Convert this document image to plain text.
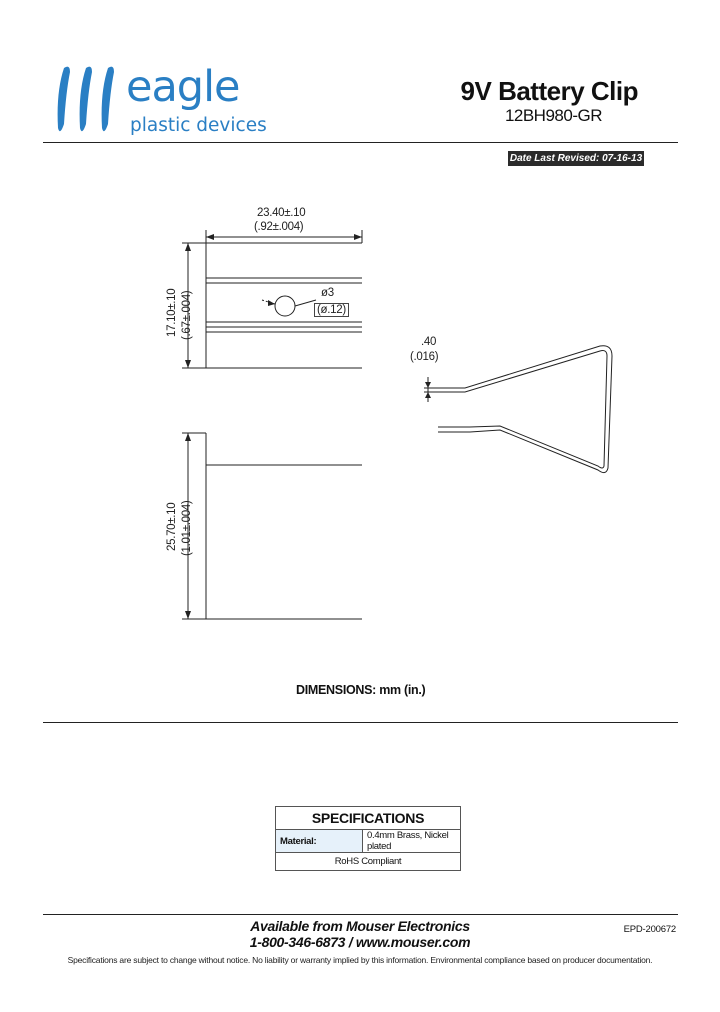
eagle
plastic devices
9V Battery Clip
12BH980-GR
Date Last Revised: 07-16-13
23.40±.10
(.92±.004)
17.10±.10 (.67±.004)	ø3
(ø.12)
25.70±.10 (1.01±.004)
.40
(.016)
DIMENSIONS: mm (in.)
SPECIFICATIONS
Material:	0.4mm Brass, Nickel plated
RoHS Compliant
Available from Mouser Electronics
1-800-346-6873 / www.mouser.com
EPD-200672
Specifications are subject to change without notice. No liability or warranty implied by this information. Environmental compliance based on producer documentation.
